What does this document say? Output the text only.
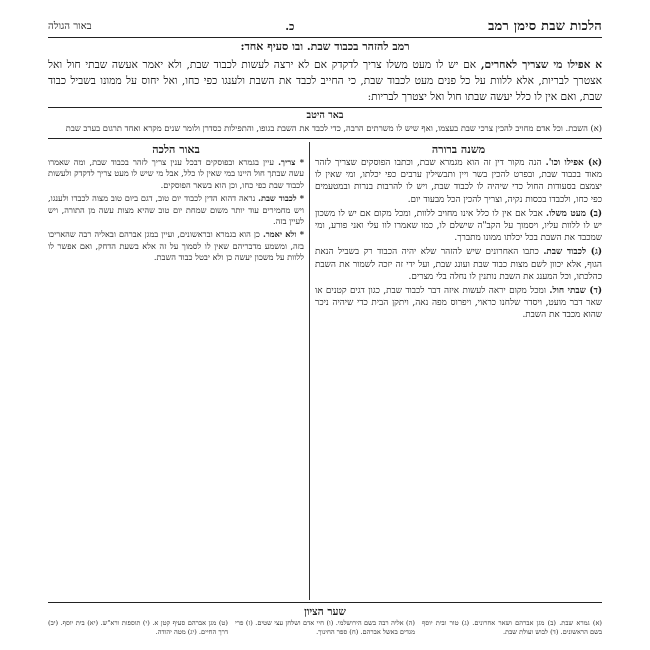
הלכות שבת סימן רמב
כ.
באור הגולה
רמב להזהר בכבוד שבת. ובו סעיף אחד:
א אפילו מי שצריך לאחרים, אם יש לו מעט משלו צריך לדקדק אם לא ירצה לעשות לכבוד שבת, ולא יאמר אעשה שבתי חול ואל אצטרך לבריות, אלא ללוות על כל פנים מעט לכבוד שבת, כי החייב לכבד את השבת ולענגו כפי כחו, ואל יחוס על ממונו בשביל כבוד שבת, ואם אין לו כלל יעשה שבתו חול ואל יצטרך לבריות:
באר היטב
(א) השבת. וכל אדם מחויב להכין צרכי שבת בעצמו, ואף שיש לו משרתים הרבה, כדי לכבד את השבת בגופו, והתפילות כסדרן ולומר שנים מקרא ואחד תרגום בערב שבת
משנה ברורה

(א) אפילו וכו'. הנה מקור דין זה הוא מגמרא שבת, וכתבו הפוסקים שצריך לזהר מאוד בכבוד שבת, ובפרט להכין בשר ויין ותבשילין ערבים כפי יכלתו, ומי שאין לו יצמצם בסעודות החול כדי שיהיה לו לכבוד שבת, ויש לו להרבות בנרות ובמטעמים כפי כחו, ולכבדו בכסות נקיה, וצריך להכין הכל מבעוד יום.

(ב) מעט משלו. אבל אם אין לו כלל אינו מחויב ללוות, ומכל מקום אם יש לו משכון יש לו ללוות עליו, ויסמוך על הקב"ה שישלם לו, כמו שאמרו לוו עלי ואני פורע, ומי שמכבד את השבת בכל יכלתו ממונו מתברך.

(ג) לכבוד שבת. כתבו האחרונים שיש להזהר שלא יהיה הכבוד רק בשביל הנאת הגוף, אלא יכוון לשם מצות כבוד שבת ועונג שבת, ועל ידי זה יזכה לשמור את השבת כהלכתו, וכל המענג את השבת נותנין לו נחלה בלי מצרים.

(ד) שבתי חול. ומכל מקום יראה לעשות איזה דבר לכבוד שבת, כגון דגים קטנים או שאר דבר מועט, ויסדר שלחנו כראוי, ויפרוס מפה נאה, ויתקן הבית כדי שיהיה ניכר שהוא מכבד את השבת.

באור הלכה

* צריך. עיין בגמרא ובפוסקים דבכל ענין צריך לזהר בכבוד שבת, ומה שאמרו עשה שבתך חול היינו במי שאין לו כלל, אבל מי שיש לו מעט צריך לדקדק ולעשות לכבוד שבת כפי כחו, וכן הוא בשאר הפוסקים.

* לכבוד שבת. נראה דהוא הדין לכבוד יום טוב, דגם ביום טוב מצוה לכבדו ולענגו, ויש מחמירים עוד יותר משום שמחת יום טוב שהיא מצות עשה מן התורה, ויש לעיין בזה.

* ולא יאמר. כן הוא בגמרא ובראשונים, ועיין במגן אברהם ובאליה רבה שהאריכו בזה, ומשמע מדבריהם שאין לו לסמוך על זה אלא בשעת הדחק, ואם אפשר לו ללוות על משכון יעשה כן ולא יבטל כבוד השבת.

שער הציון
(א) גמרא שבת. (ב) מגן אברהם ושאר אחרונים. (ג) טור ובית יוסף בשם הראשונים. (ד) לבוש ועולת שבת.
(ה) אליה רבה בשם הירושלמי. (ו) חיי אדם ושלחן עצי שטים. (ז) פרי מגדים באשל אברהם. (ח) ספר החינוך.
(ט) מגן אברהם סעיף קטן א. (י) תוספות ורא"ש. (יא) בית יוסף. (יב) דרך החיים. (יג) מטה יהודה.
